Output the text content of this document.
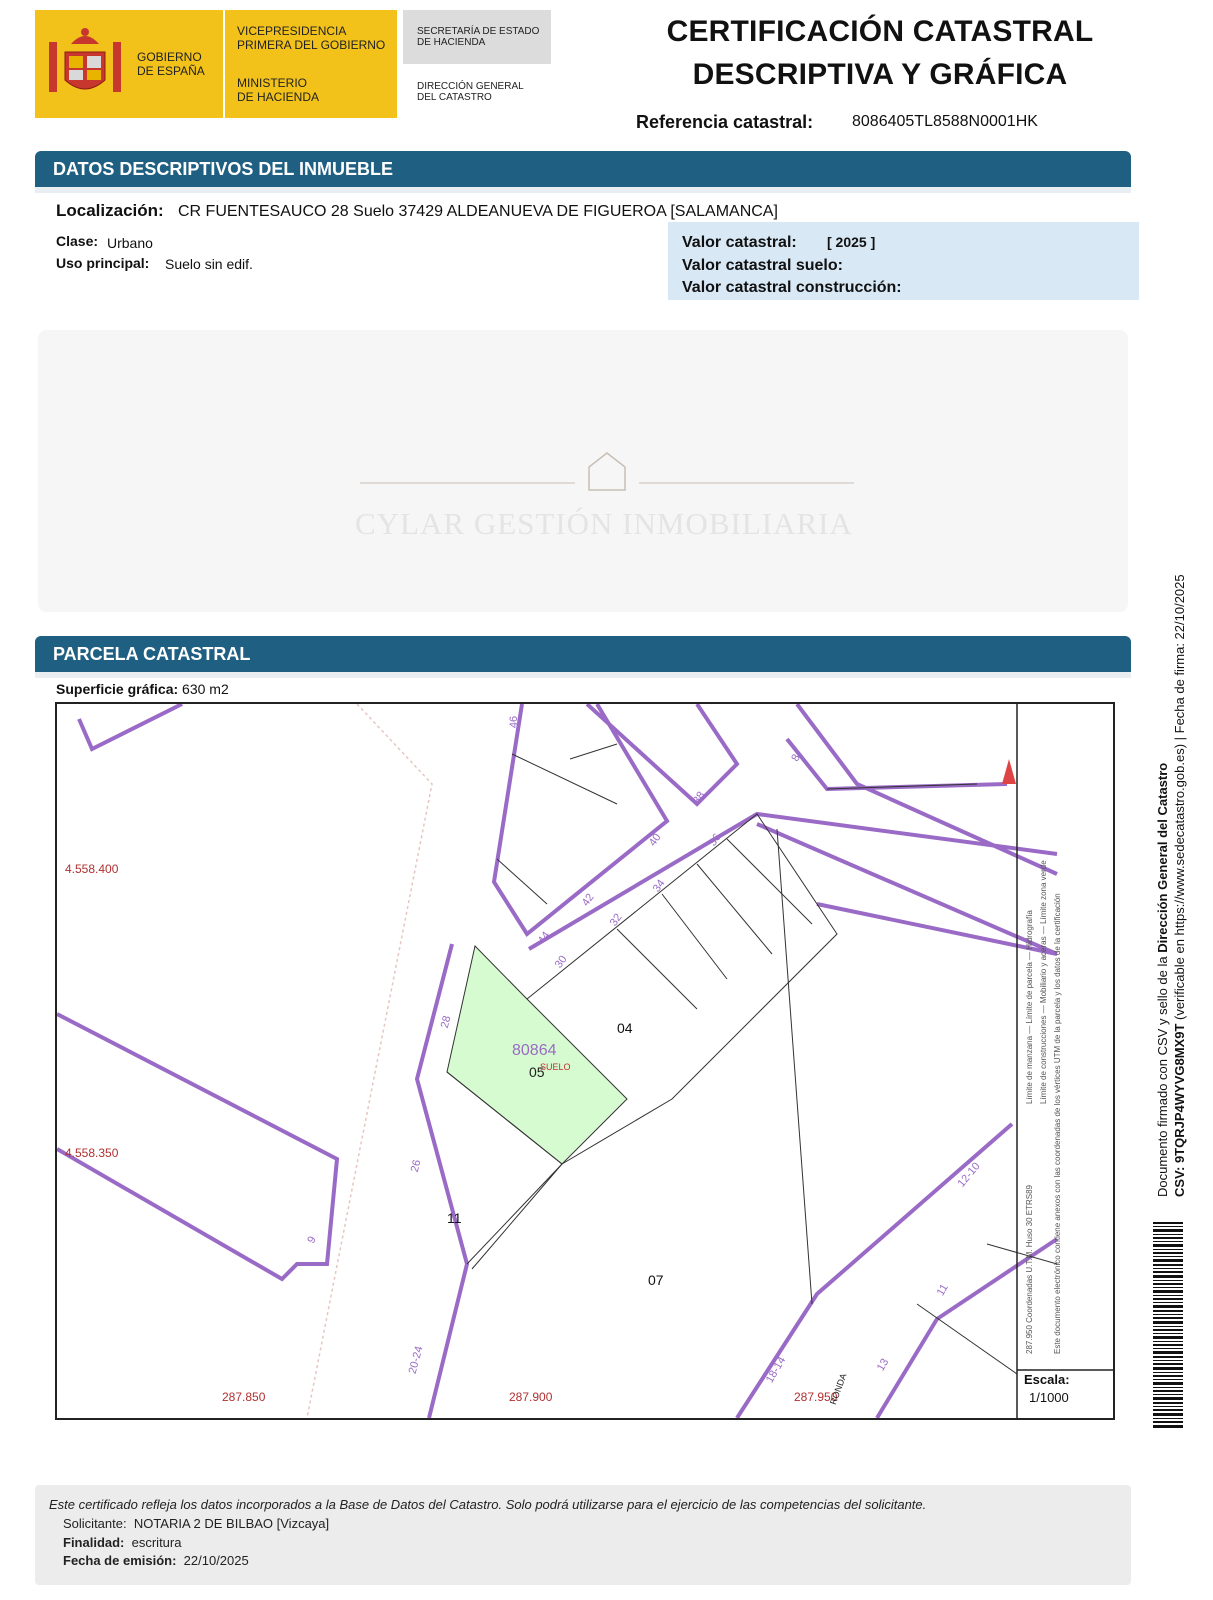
GOBIERNO
DE ESPAÑA
VICEPRESIDENCIA
PRIMERA DEL GOBIERNO
MINISTERIO
DE HACIENDA
SECRETARÍA DE ESTADO
DE HACIENDA
DIRECCIÓN GENERAL
DEL CATASTRO
CERTIFICACIÓN CATASTRAL
DESCRIPTIVA Y GRÁFICA
Referencia catastral: 8086405TL8588N0001HK
DATOS DESCRIPTIVOS DEL INMUEBLE
Localización: CR FUENTESAUCO 28 Suelo 37429 ALDEANUEVA DE FIGUEROA [SALAMANCA]
Clase: Urbano
Uso principal: Suelo sin edif.
Valor catastral: [ 2025 ]
Valor catastral suelo:
Valor catastral construcción:
CYLAR GESTIÓN INMOBILIARIA
PARCELA CATASTRAL
Superficie gráfica: 630 m2
4.558.400
4.558.350
287.850	287.900	287.950
80864
05
SUELO
04
11
07
46
38
40	36
42
34
44
32
30
28
26
20-24	18-14
12-10
13
11
9
8
RONDA
287.950 Coordenadas U.T.M. Huso 30 ETRS89
Límite de manzana — Límite de parcela — Hidrografía Límite de construcciones — Mobiliario y aceras — Límite zona verde Este documento electrónico contiene anexos con las coordenadas de los vértices UTM de la parcela y los datos de la certificación
Escala:
1/1000
Documento firmado con CSV y sello de la Dirección General del Catastro
CSV: 9TQRJP4WYVG8MX9T (verificable en https://www.sedecatastro.gob.es) | Fecha de firma: 22/10/2025
Este certificado refleja los datos incorporados a la Base de Datos del Catastro. Solo podrá utilizarse para el ejercicio de las competencias del solicitante.
Solicitante: NOTARIA 2 DE BILBAO [Vizcaya]
Finalidad: escritura
Fecha de emisión: 22/10/2025
